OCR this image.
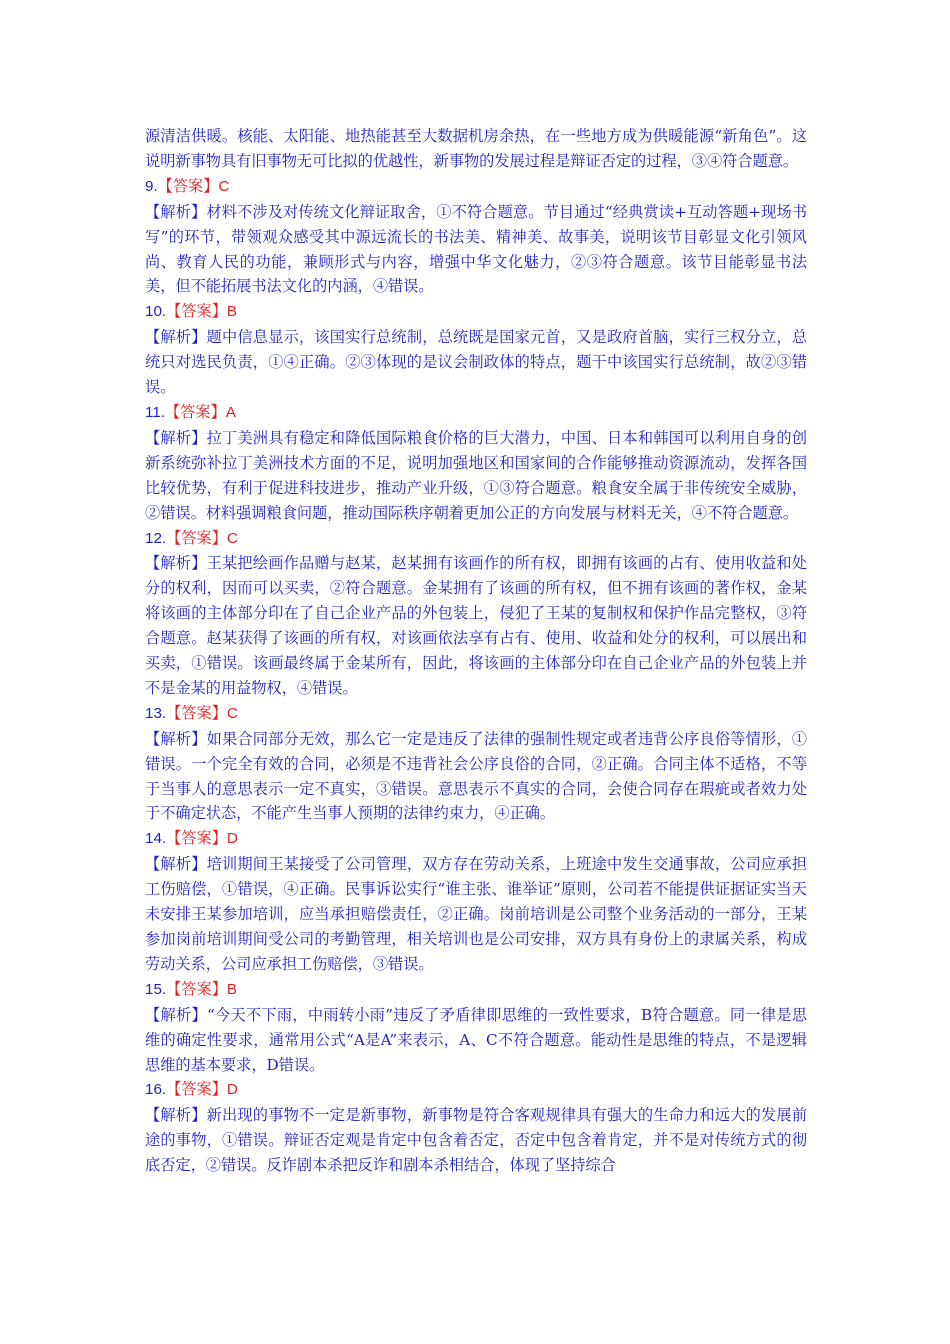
源清洁供暖。核能、太阳能、地热能甚至大数据机房余热，在一些地方成为供暖能源“新角色”。这说明新事物具有旧事物无可比拟的优越性，新事物的发展过程是辩证否定的过程，③④符合题意。

9.【答案】C

【解析】材料不涉及对传统文化辩证取舍，①不符合题意。节目通过“经典赏读+互动答题+现场书写”的环节，带领观众感受其中源远流长的书法美、精神美、故事美，说明该节目彰显文化引领风尚、教育人民的功能，兼顾形式与内容，增强中华文化魅力，②③符合题意。该节目能彰显书法美，但不能拓展书法文化的内涵，④错误。

10.【答案】B

【解析】题中信息显示，该国实行总统制，总统既是国家元首，又是政府首脑，实行三权分立，总统只对选民负责，①④正确。②③体现的是议会制政体的特点，题干中该国实行总统制，故②③错误。

11.【答案】A

【解析】拉丁美洲具有稳定和降低国际粮食价格的巨大潜力，中国、日本和韩国可以利用自身的创新系统弥补拉丁美洲技术方面的不足，说明加强地区和国家间的合作能够推动资源流动，发挥各国比较优势，有利于促进科技进步，推动产业升级，①③符合题意。粮食安全属于非传统安全威胁，②错误。材料强调粮食问题，推动国际秩序朝着更加公正的方向发展与材料无关，④不符合题意。

12.【答案】C

【解析】王某把绘画作品赠与赵某，赵某拥有该画作的所有权，即拥有该画的占有、使用收益和处分的权利，因而可以买卖，②符合题意。金某拥有了该画的所有权，但不拥有该画的著作权，金某将该画的主体部分印在了自己企业产品的外包装上，侵犯了王某的复制权和保护作品完整权，③符合题意。赵某获得了该画的所有权，对该画依法享有占有、使用、收益和处分的权利，可以展出和买卖，①错误。该画最终属于金某所有，因此，将该画的主体部分印在自己企业产品的外包装上并不是金某的用益物权，④错误。

13.【答案】C

【解析】如果合同部分无效，那么它一定是违反了法律的强制性规定或者违背公序良俗等情形，①错误。一个完全有效的合同，必须是不违背社会公序良俗的合同，②正确。合同主体不适格，不等于当事人的意思表示一定不真实，③错误。意思表示不真实的合同，会使合同存在瑕疵或者效力处于不确定状态，不能产生当事人预期的法律约束力，④正确。

14.【答案】D

【解析】培训期间王某接受了公司管理，双方存在劳动关系，上班途中发生交通事故，公司应承担工伤赔偿，①错误，④正确。民事诉讼实行“谁主张、谁举证”原则，公司若不能提供证据证实当天未安排王某参加培训，应当承担赔偿责任，②正确。岗前培训是公司整个业务活动的一部分，王某参加岗前培训期间受公司的考勤管理，相关培训也是公司安排，双方具有身份上的隶属关系，构成劳动关系，公司应承担工伤赔偿，③错误。

15.【答案】B

【解析】“今天不下雨，中雨转小雨”违反了矛盾律即思维的一致性要求，B符合题意。同一律是思维的确定性要求，通常用公式“A是A”来表示，A、C不符合题意。能动性是思维的特点，不是逻辑思维的基本要求，D错误。

16.【答案】D

【解析】新出现的事物不一定是新事物，新事物是符合客观规律具有强大的生命力和远大的发展前途的事物，①错误。辩证否定观是肯定中包含着否定，否定中包含着肯定，并不是对传统方式的彻底否定，②错误。反诈剧本杀把反诈和剧本杀相结合，体现了坚持综合
